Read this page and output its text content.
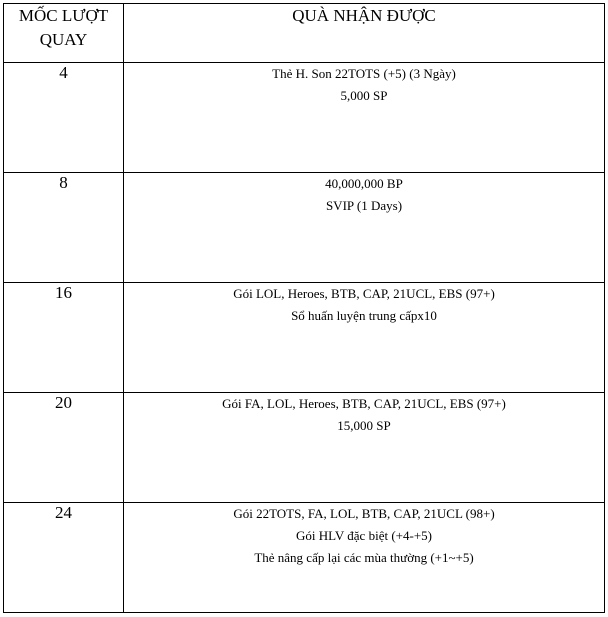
MỐC LƯỢT
QUAY	QUÀ NHẬN ĐƯỢC
4	Thẻ H. Son 22TOTS (+5) (3 Ngày)
5,000 SP

8	40,000,000 BP
SVIP (1 Days)

16	Gói LOL, Heroes, BTB, CAP, 21UCL, EBS (97+)
Sổ huấn luyện trung cấpx10

20	Gói FA, LOL, Heroes, BTB, CAP, 21UCL, EBS (97+)
15,000 SP

24	Gói 22TOTS, FA, LOL, BTB, CAP, 21UCL (98+)
Gói HLV đặc biệt (+4-+5)
Thẻ nâng cấp lại các mùa thường (+1~+5)
